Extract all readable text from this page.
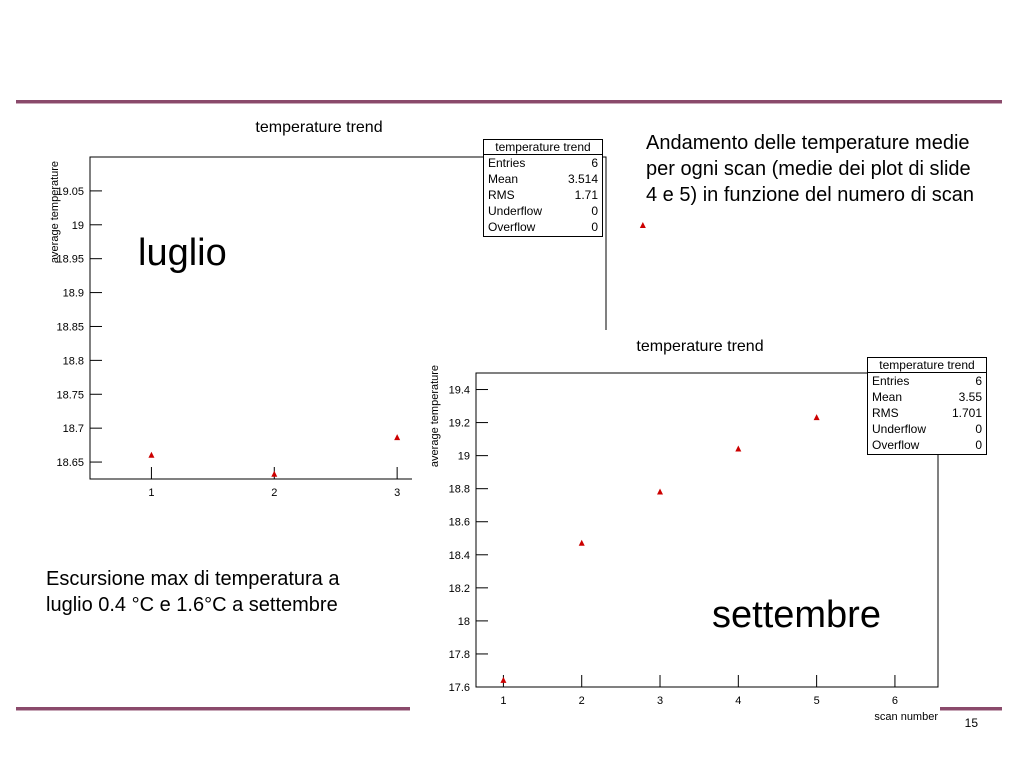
temperature trend
average temperature
18.65
18.7
18.75
18.8
18.85
18.9
18.95
19
19.05
1	2	3
temperature trend
Entries	6
Mean	3.514
RMS	1.71
Underflow	0
Overflow	0
luglio
Andamento delle temperature medie per ogni scan (medie dei plot di slide 4 e 5) in funzione del numero di scan
temperature trend
average temperature
scan number
17.6
17.8
18
18.2
18.4
18.6
18.8
19
19.2
19.4
1	2	3	4	5	6
temperature trend
Entries	6
Mean	3.55
RMS	1.701
Underflow	0
Overflow	0
settembre
Escursione max di temperatura a luglio 0.4 °C e 1.6°C a settembre
15
